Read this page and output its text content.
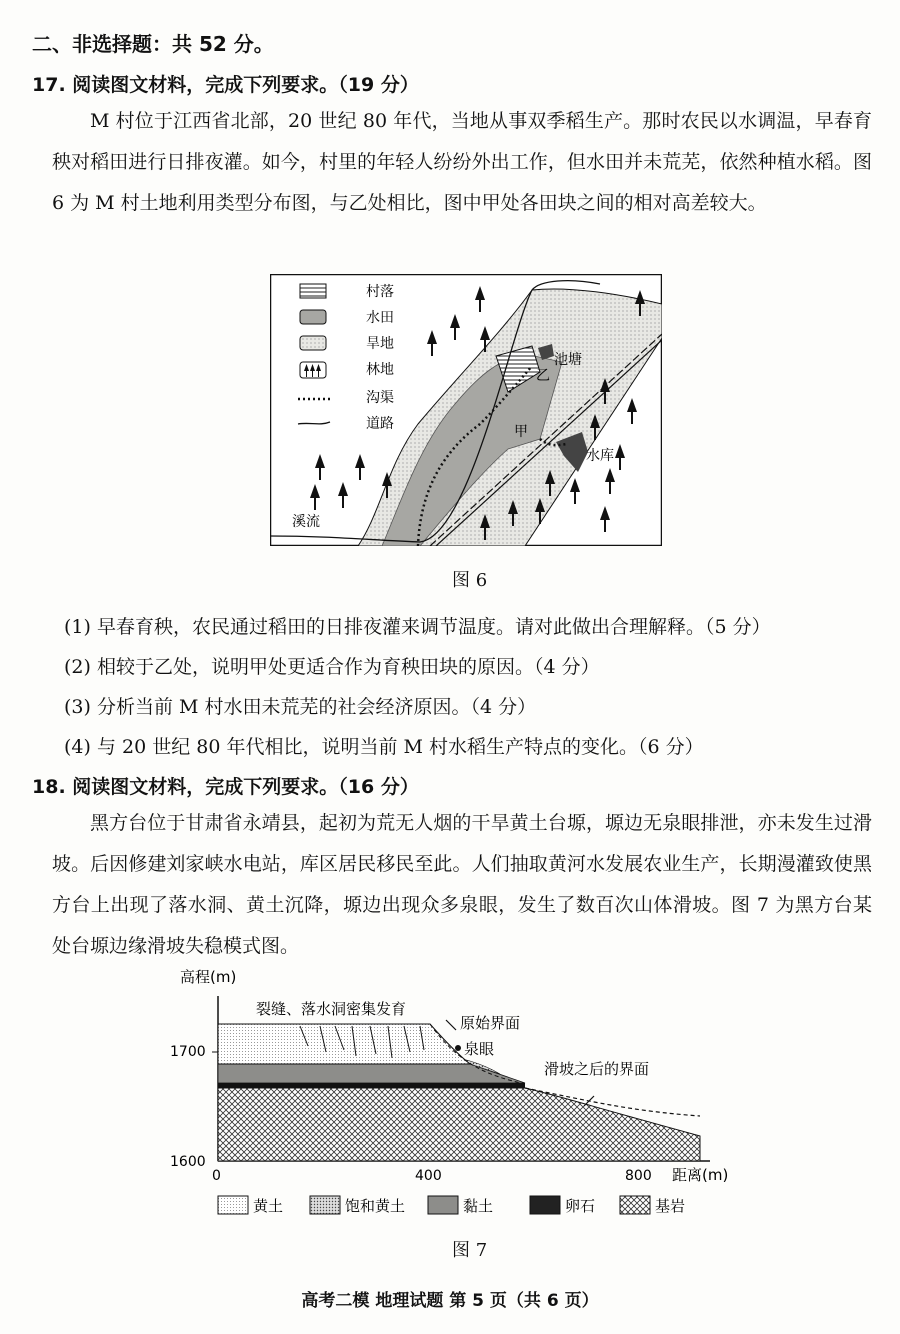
二、非选择题：共 52 分。
17. 阅读图文材料，完成下列要求。（19 分）
M 村位于江西省北部，20 世纪 80 年代，当地从事双季稻生产。那时农民以水调温，早春育秧对稻田进行日排夜灌。如今，村里的年轻人纷纷外出工作，但水田并未荒芜，依然种植水稻。图 6 为 M 村土地利用类型分布图，与乙处相比，图中甲处各田块之间的相对高差较大。
村落
水田
旱地
林地
沟渠
道路
池塘
乙
甲
水库
溪流
图 6
(1) 早春育秧，农民通过稻田的日排夜灌来调节温度。请对此做出合理解释。（5 分）
(2) 相较于乙处，说明甲处更适合作为育秧田块的原因。（4 分）
(3) 分析当前 M 村水田未荒芜的社会经济原因。（4 分）
(4) 与 20 世纪 80 年代相比，说明当前 M 村水稻生产特点的变化。（6 分）
18. 阅读图文材料，完成下列要求。（16 分）
黑方台位于甘肃省永靖县，起初为荒无人烟的干旱黄土台塬，塬边无泉眼排泄，亦未发生过滑坡。后因修建刘家峡水电站，库区居民移民至此。人们抽取黄河水发展农业生产，长期漫灌致使黑方台上出现了落水洞、黄土沉降，塬边出现众多泉眼，发生了数百次山体滑坡。图 7 为黑方台某处台塬边缘滑坡失稳模式图。
高程(m)
1700
1600
0	400	800 距离(m)
裂缝、落水洞密集发育
原始界面
泉眼
滑坡之后的界面
黄土	饱和黄土	黏土	卵石	基岩
图 7
高考二模 地理试题 第 5 页（共 6 页）
